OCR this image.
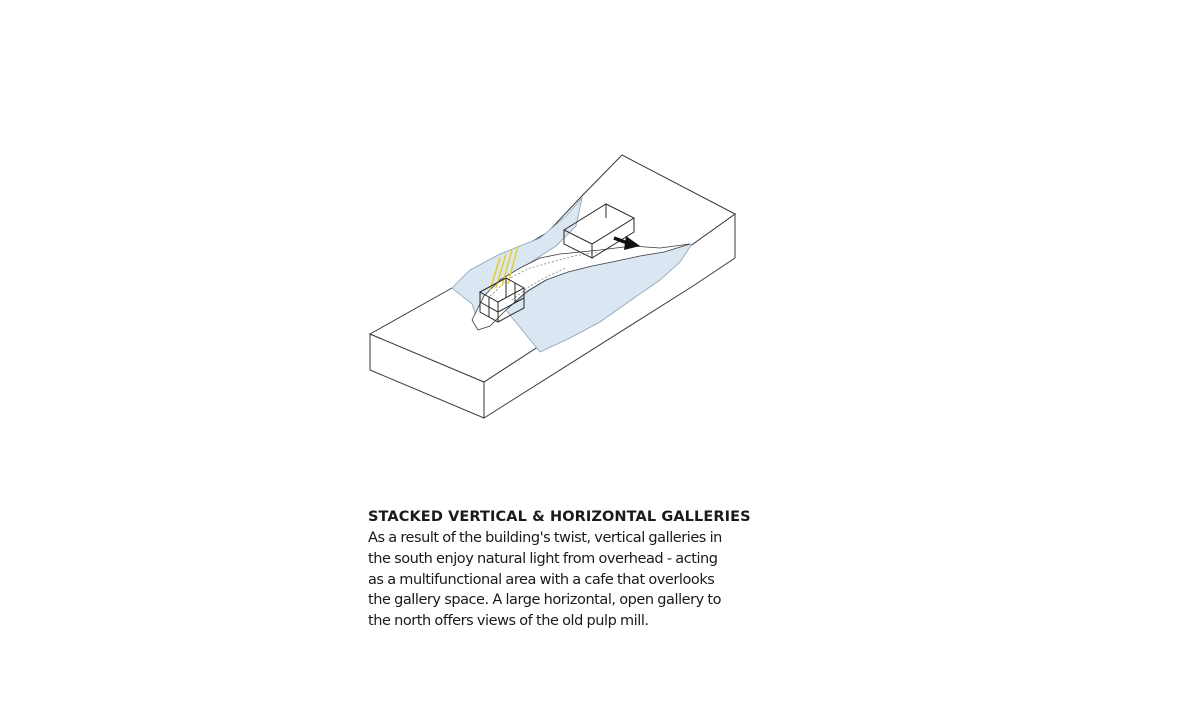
STACKED VERTICAL & HORIZONTAL GALLERIES

As a result of the building's twist, vertical galleries in the south enjoy natural light from overhead - acting as a multifunctional area with a cafe that overlooks the gallery space. A large horizontal, open gallery to the north offers views of the old pulp mill.
